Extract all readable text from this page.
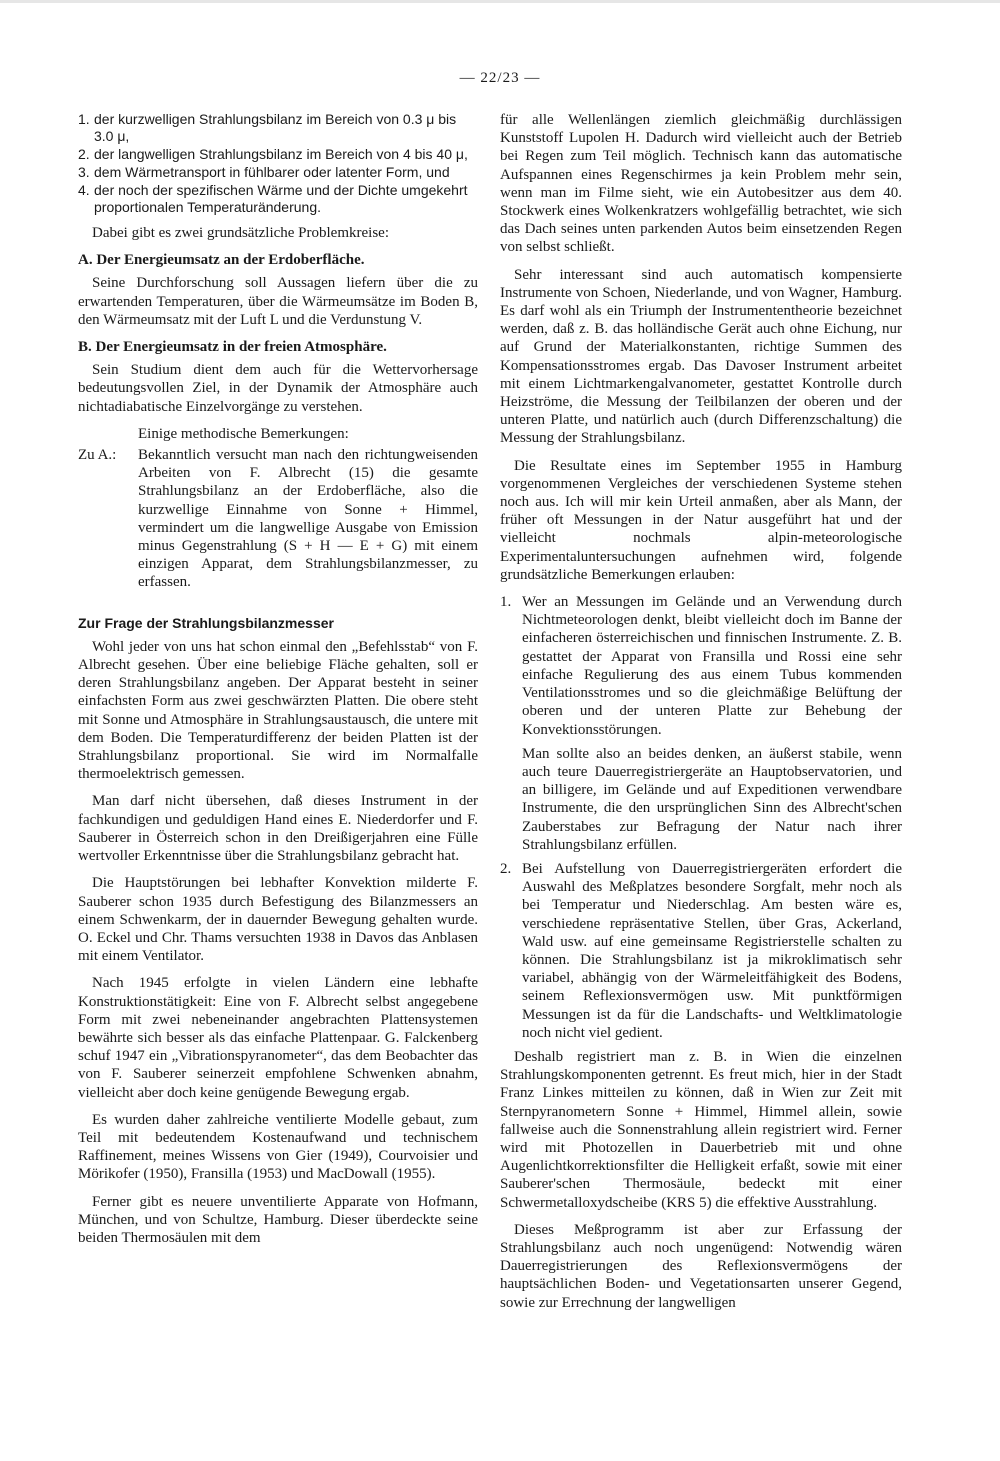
— 22/23 —
1. der kurzwelligen Strahlungsbilanz im Bereich von 0.3 μ bis 3.0 μ,
2. der langwelligen Strahlungsbilanz im Bereich von 4 bis 40 μ,
3. dem Wärmetransport in fühlbarer oder latenter Form, und
4. der noch der spezifischen Wärme und der Dichte umgekehrt proportionalen Temperaturänderung.

Dabei gibt es zwei grundsätzliche Problemkreise:

A. Der Energieumsatz an der Erdoberfläche.

Seine Durchforschung soll Aussagen liefern über die zu erwartenden Temperaturen, über die Wärmeumsätze im Boden B, den Wärmeumsatz mit der Luft L und die Verdunstung V.

B. Der Energieumsatz in der freien Atmosphäre.

Sein Studium dient dem auch für die Wettervorhersage bedeutungsvollen Ziel, in der Dynamik der Atmosphäre auch nichtadiabatische Einzelvorgänge zu verstehen.

Einige methodische Bemerkungen:

Zu A.: Bekanntlich versucht man nach den richtungweisenden Arbeiten von F. Albrecht (15) die gesamte Strahlungsbilanz an der Erdoberfläche, also die kurzwellige Einnahme von Sonne + Himmel, vermindert um die langwellige Ausgabe von Emission minus Gegenstrahlung (S + H — E + G) mit einem einzigen Apparat, dem Strahlungsbilanzmesser, zu erfassen.
Zur Frage der Strahlungsbilanzmesser

Wohl jeder von uns hat schon einmal den „Befehlsstab“ von F. Albrecht gesehen. Über eine beliebige Fläche gehalten, soll er deren Strahlungsbilanz angeben. Der Apparat besteht in seiner einfachsten Form aus zwei geschwärzten Platten. Die obere steht mit Sonne und Atmosphäre in Strahlungsaustausch, die untere mit dem Boden. Die Temperaturdifferenz der beiden Platten ist der Strahlungsbilanz proportional. Sie wird im Normalfalle thermoelektrisch gemessen.

Man darf nicht übersehen, daß dieses Instrument in der fachkundigen und geduldigen Hand eines E. Niederdorfer und F. Sauberer in Österreich schon in den Dreißigerjahren eine Fülle wertvoller Erkenntnisse über die Strahlungsbilanz gebracht hat.

Die Hauptstörungen bei lebhafter Konvektion milderte F. Sauberer schon 1935 durch Befestigung des Bilanzmessers an einem Schwenkarm, der in dauernder Bewegung gehalten wurde. O. Eckel und Chr. Thams versuchten 1938 in Davos das Anblasen mit einem Ventilator.

Nach 1945 erfolgte in vielen Ländern eine lebhafte Konstruktionstätigkeit: Eine von F. Albrecht selbst angegebene Form mit zwei nebeneinander angebrachten Plattensystemen bewährte sich besser als das einfache Plattenpaar. G. Falckenberg schuf 1947 ein „Vibrationspyranometer“, das dem Beobachter das von F. Sauberer seinerzeit empfohlene Schwenken abnahm, vielleicht aber doch keine genügende Bewegung ergab.

Es wurden daher zahlreiche ventilierte Modelle gebaut, zum Teil mit bedeutendem Kostenaufwand und technischem Raffinement, meines Wissens von Gier (1949), Courvoisier und Mörikofer (1950), Fransilla (1953) und MacDowall (1955).

Ferner gibt es neuere unventilierte Apparate von Hofmann, München, und von Schultze, Hamburg. Dieser überdeckte seine beiden Thermosäulen mit dem

für alle Wellenlängen ziemlich gleichmäßig durchlässigen Kunststoff Lupolen H. Dadurch wird vielleicht auch der Betrieb bei Regen zum Teil möglich. Technisch kann das automatische Aufspannen eines Regenschirmes ja kein Problem mehr sein, wenn man im Filme sieht, wie ein Autobesitzer aus dem 40. Stockwerk eines Wolkenkratzers wohlgefällig betrachtet, wie sich das Dach seines unten parkenden Autos beim einsetzenden Regen von selbst schließt.

Sehr interessant sind auch automatisch kompensierte Instrumente von Schoen, Niederlande, und von Wagner, Hamburg. Es darf wohl als ein Triumph der Instrumententheorie bezeichnet werden, daß z. B. das holländische Gerät auch ohne Eichung, nur auf Grund der Materialkonstanten, richtige Summen des Kompensationsstromes ergab. Das Davoser Instrument arbeitet mit einem Lichtmarkengalvanometer, gestattet Kontrolle durch Heizströme, die Messung der Teilbilanzen der oberen und der unteren Platte, und natürlich auch (durch Differenzschaltung) die Messung der Strahlungsbilanz.

Die Resultate eines im September 1955 in Hamburg vorgenommenen Vergleiches der verschiedenen Systeme stehen noch aus. Ich will mir kein Urteil anmaßen, aber als Mann, der früher oft Messungen in der Natur ausgeführt hat und der vielleicht nochmals alpin-meteorologische Experimentaluntersuchungen aufnehmen wird, folgende grundsätzliche Bemerkungen erlauben:

1. Wer an Messungen im Gelände und an Verwendung durch Nichtmeteorologen denkt, bleibt vielleicht doch im Banne der einfacheren österreichischen und finnischen Instrumente. Z. B. gestattet der Apparat von Fransilla und Rossi eine sehr einfache Regulierung des aus einem Tubus kommenden Ventilationsstromes und so die gleichmäßige Belüftung der oberen und der unteren Platte zur Behebung der Konvektionsstörungen.

Man sollte also an beides denken, an äußerst stabile, wenn auch teure Dauerregistriergeräte an Hauptobservatorien, und an billigere, im Gelände und auf Expeditionen verwendbare Instrumente, die den ursprünglichen Sinn des Albrecht'schen Zauberstabes zur Befragung der Natur nach ihrer Strahlungsbilanz erfüllen.

2. Bei Aufstellung von Dauerregistriergeräten erfordert die Auswahl des Meßplatzes besondere Sorgfalt, mehr noch als bei Temperatur und Niederschlag. Am besten wäre es, verschiedene repräsentative Stellen, über Gras, Ackerland, Wald usw. auf eine gemeinsame Registrierstelle schalten zu können. Die Strahlungsbilanz ist ja mikroklimatisch sehr variabel, abhängig von der Wärmeleitfähigkeit des Bodens, seinem Reflexionsvermögen usw. Mit punktförmigen Messungen ist da für die Landschafts- und Weltklimatologie noch nicht viel gedient.

Deshalb registriert man z. B. in Wien die einzelnen Strahlungskomponenten getrennt. Es freut mich, hier in der Stadt Franz Linkes mitteilen zu können, daß in Wien zur Zeit mit Sternpyranometern Sonne + Himmel, Himmel allein, sowie fallweise auch die Sonnenstrahlung allein registriert wird. Ferner wird mit Photozellen in Dauerbetrieb mit und ohne Augenlichtkorrektionsfilter die Helligkeit erfaßt, sowie mit einer Sauberer'schen Thermosäule, bedeckt mit einer Schwermetalloxydscheibe (KRS 5) die effektive Ausstrahlung.

Dieses Meßprogramm ist aber zur Erfassung der Strahlungsbilanz auch noch ungenügend: Notwendig wären Dauerregistrierungen des Reflexionsvermögens der hauptsächlichen Boden- und Vegetationsarten unserer Gegend, sowie zur Errechnung der langwelligen
